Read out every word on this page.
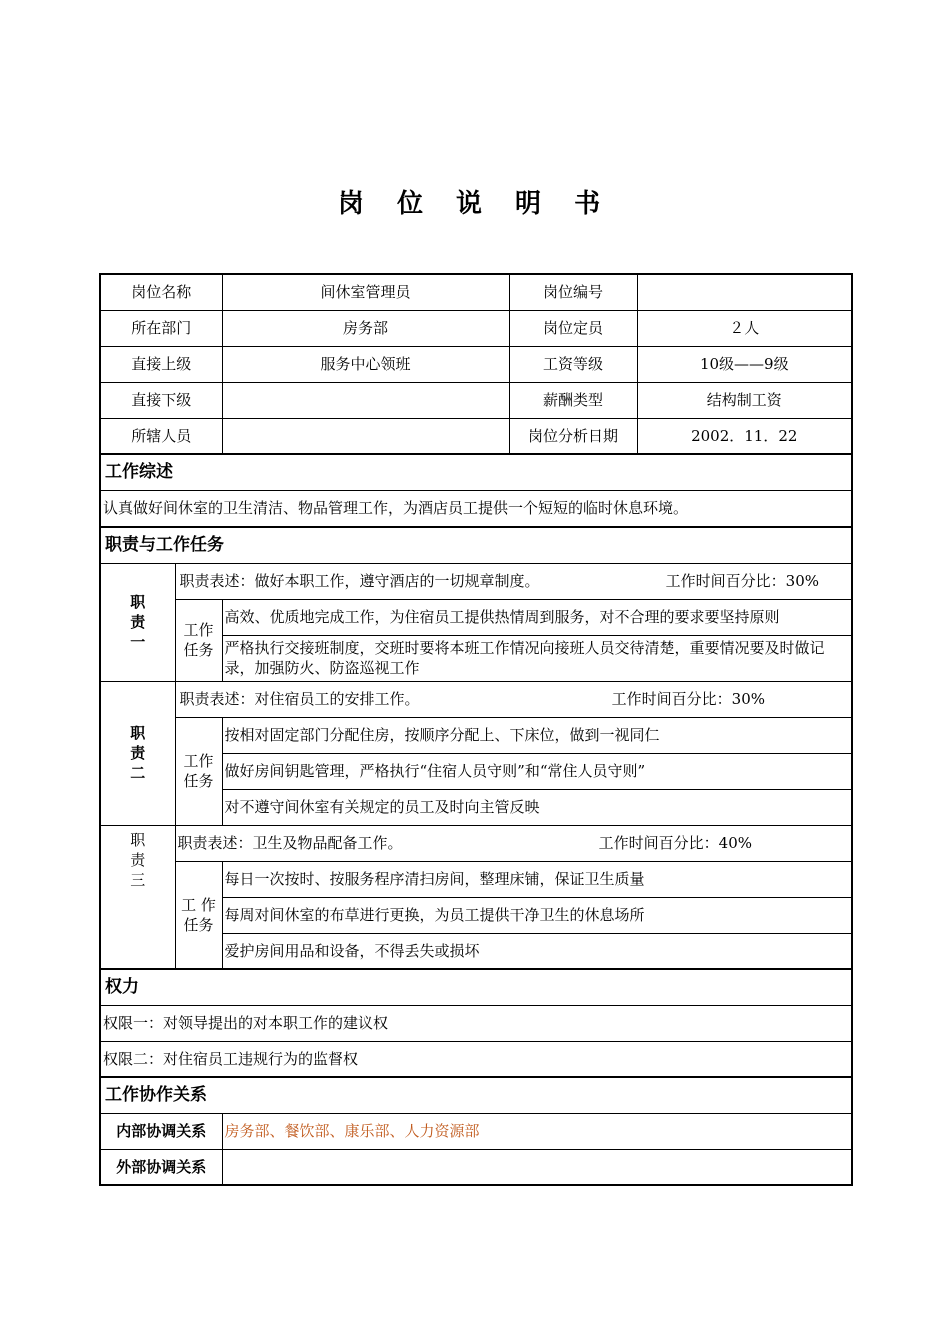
岗 位 说 明 书
岗位名称		间休室管理员	岗位编号	
所在部门		房务部	岗位定员	２人
直接上级		服务中心领班	工资等级	10级——9级
直接下级			薪酬类型	结构制工资
所辖人员			岗位分析日期	2002．11．22
工作综述				
认真做好间休室的卫生清洁、物品管理工作，为酒店员工提供一个短短的临时休息环境。				
职责与工作任务				

职责一	职责表述：做好本职工作，遵守酒店的一切规章制度。 工作时间百分比：30%			

	工作任务	高效、优质地完成工作，为住宿员工提供热情周到服务，对不合理的要求要坚持原则		
		严格执行交接班制度，交班时要将本班工作情况向接班人员交待清楚，重要情况要及时做记录，加强防火、防盗巡视工作		

职责二	职责表述：对住宿员工的安排工作。 工作时间百分比：30%			

	工作任务	按相对固定部门分配住房，按顺序分配上、下床位，做到一视同仁		
		做好房间钥匙管理，严格执行“住宿人员守则”和“常住人员守则”		
		对不遵守间休室有关规定的员工及时向主管反映		

职责三	职责表述：卫生及物品配备工作。 工作时间百分比：40%			

	工 作任务	每日一次按时、按服务程序清扫房间，整理床铺，保证卫生质量		
		每周对间休室的布草进行更换，为员工提供干净卫生的休息场所		
		爱护房间用品和设备，不得丢失或损坏		
权力				
权限一：对领导提出的对本职工作的建议权				
权限二：对住宿员工违规行为的监督权				
工作协作关系				
内部协调关系		房务部、餐饮部、康乐部、人力资源部		
外部协调关系				
